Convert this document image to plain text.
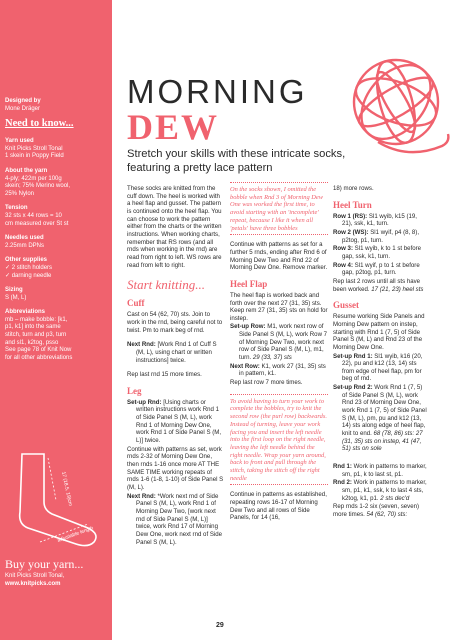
Designed by
Mone Dräger
Need to know...
Yarn used
Knit Picks Stroll Tonal
1 skein in Poppy Field
About the yarn
4-ply; 422m per 100g
skein; 75% Merino wool,
25% Nylon
Tension
32 sts x 44 rows = 10
cm measured over St st
Needles used
2.25mm DPNs
Other supplies
✓ 2 stitch holders
✓ darning needle
Sizing
S (M, L)
Abbreviations
mb – make bobble: [k1,
p1, k1] into the same
stitch, turn and p3, turn
and sl1, k2tog, psso
See page 78 of Knit Now
for all other abbreviations
17 (18.5, 19)cm
adjustable length
Buy your yarn...
Knit Picks Stroll Tonal,
www.knitpicks.com
MORNING
DEW
Stretch your skills with these intricate socks,
featuring a pretty lace pattern

These socks are knitted from the cuff down. The heel is worked with a heel flap and gusset. The pattern is continued onto the heel flap. You can choose to work the pattern either from the charts or the written instructions. When working charts, remember that RS rows (and all rnds when working in the rnd) are read from right to left. WS rows are read from left to right.

Start knitting...
Cuff

Cast on 54 (62, 70) sts. Join to work in the rnd, being careful not to twist. Pm to mark beg of rnd.

Next Rnd: [Work Rnd 1 of Cuff S (M, L), using chart or written instructions] twice.

Rep last rnd 15 more times.

Leg

Set-up Rnd: [Using charts or written instructions work Rnd 1 of Side Panel S (M, L), work Rnd 1 of Morning Dew One, work Rnd 1 of Side Panel S (M, L)] twice.

Continue with patterns as set, work rnds 2-32 of Morning Dew One, then rnds 1-16 once more AT THE SAME TIME working repeats of rnds 1-6 (1-8, 1-10) of Side Panel S (M, L).

Next Rnd: *Work next rnd of Side Panel S (M, L), work Rnd 1 of Morning Dew Two, [work next rnd of Side Panel S (M, L)] twice, work Rnd 17 of Morning Dew One, work next rnd of Side Panel S (M, L).

On the socks shown, I omitted the bobble when Rnd 3 of Morning Dew One was worked the first time, to avoid starting with an 'incomplete' repeat, because I like it when all 'petals' have three bobbles

Continue with patterns as set for a further 5 rnds, ending after Rnd 6 of Morning Dew Two and Rnd 22 of Morning Dew One. Remove marker.

Heel Flap

The heel flap is worked back and forth over the next 27 (31, 35) sts. Keep rem 27 (31, 35) sts on hold for instep.

Set-up Row: M1, work next row of Side Panel S (M, L), work Row 7 of Morning Dew Two, work next row of Side Panel S (M, L), m1, turn. 29 (33, 37) sts

Next Row: K1, work 27 (31, 35) sts in pattern, k1.

Rep last row 7 more times.

To avoid having to turn your work to complete the bobbles, try to knit the second row (the purl row) backwards. Instead of turning, leave your work facing you and insert the left needle into the first loop on the right needle, leaving the left needle behind the right needle. Wrap your yarn around, back to front and pull through the stitch, taking the stitch off the right needle

Continue in patterns as established, repeating rows 16-17 of Morning Dew Two and all rows of Side Panels, for 14 (16,

18) more rows.

Heel Turn

Row 1 (RS): Sl1 wyib, k15 (19, 21), ssk, k1, turn.

Row 2 (WS): Sl1 wyif, p4 (8, 8), p2tog, p1, turn.

Row 3: Sl1 wyib, k to 1 st before gap, ssk, k1, turn.

Row 4: Sl1 wyif, p to 1 st before gap, p2tog, p1, turn.

Rep last 2 rows until all sts have been worked. 17 (21, 23) heel sts

Gusset

Resume working Side Panels and Morning Dew pattern on instep, starting with Rnd 1 (7, 5) of Side Panel S (M, L) and Rnd 23 of the Morning Dew One.

Set-up Rnd 1: Sl1 wyib, k16 (20, 22), pu and k12 (13, 14) sts from edge of heel flap, pm for beg of rnd.

Set-up Rnd 2: Work Rnd 1 (7, 5) of Side Panel S (M, L), work Rnd 23 of Morning Dew One, work Rnd 1 (7, 5) of Side Panel S (M, L), pm, pu and k12 (13, 14) sts along edge of heel flap, knit to end. 68 (78, 86) sts: 27 (31, 35) sts on instep, 41 (47, 51) sts on sole

Rnd 1: Work in patterns to marker, sm, p1, k to last st, p1.

Rnd 2: Work in patterns to marker, sm, p1, k1, ssk, k to last 4 sts, k2tog, k1, p1. 2 sts dec'd

Rep rnds 1-2 six (seven, seven) more times. 54 (62, 70) sts:

29
